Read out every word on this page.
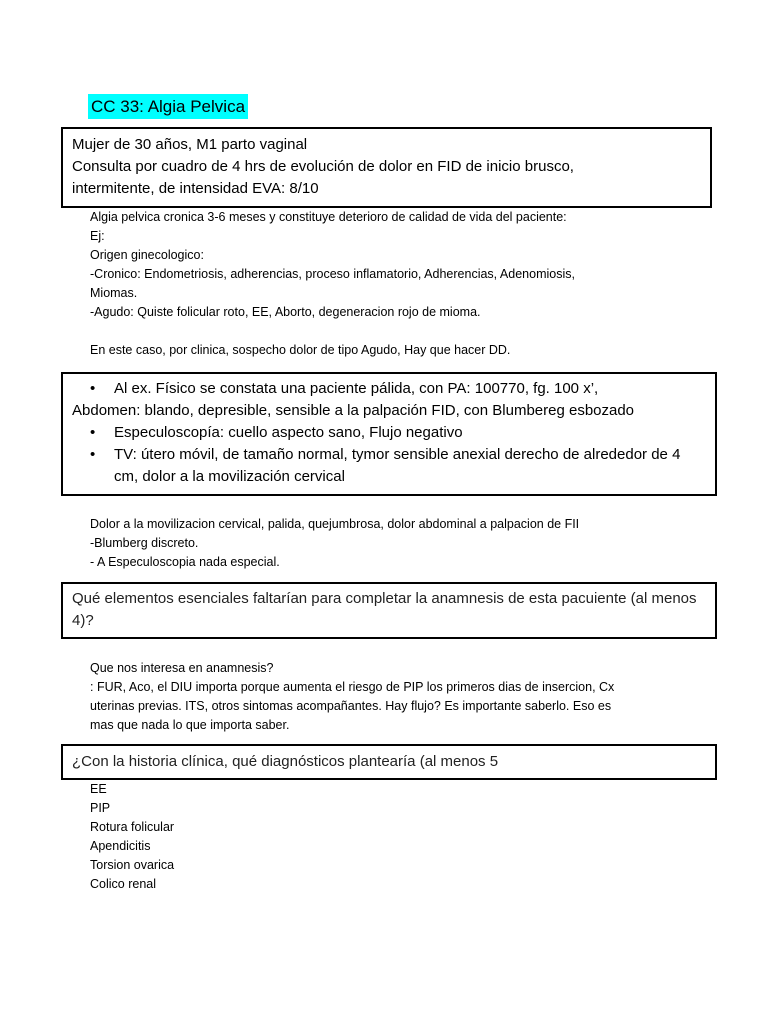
CC 33: Algia Pelvica
Mujer de 30 años, M1 parto vaginal
Consulta por cuadro de 4 hrs de evolución de dolor en FID de inicio brusco,
intermitente, de intensidad EVA: 8/10
Algia pelvica cronica 3-6 meses y constituye deterioro de calidad de vida del paciente:
Ej:
Origen ginecologico:
-Cronico: Endometriosis, adherencias, proceso inflamatorio, Adherencias, Adenomiosis,
Miomas.
-Agudo: Quiste folicular roto, EE, Aborto, degeneracion rojo de mioma.
En este caso, por clinica, sospecho dolor de tipo Agudo, Hay que hacer DD.
•	Al ex. Físico se constata una paciente pálida, con PA: 100770, fg. 100 x’,
Abdomen: blando, depresible, sensible a la palpación FID, con Blumbereg esbozado
•	Especuloscopía: cuello aspecto sano, Flujo negativo
•	TV: útero móvil, de tamaño normal, tymor sensible anexial derecho de alrededor de 4 cm, dolor a la movilización cervical
Dolor a la movilizacion cervical, palida, quejumbrosa, dolor abdominal a palpacion de FII
-Blumberg discreto.
- A Especuloscopia nada especial.
Qué elementos esenciales faltarían para completar la anamnesis de esta pacuiente (al menos 4)?
Que nos interesa en anamnesis?
: FUR, Aco, el DIU importa porque aumenta el riesgo de PIP los primeros dias de insercion, Cx
uterinas previas. ITS, otros sintomas acompañantes. Hay flujo? Es importante saberlo. Eso es
mas que nada lo que importa saber.
¿Con la historia clínica, qué diagnósticos plantearía (al menos 5
EE
PIP
Rotura folicular
Apendicitis
Torsion ovarica
Colico renal
